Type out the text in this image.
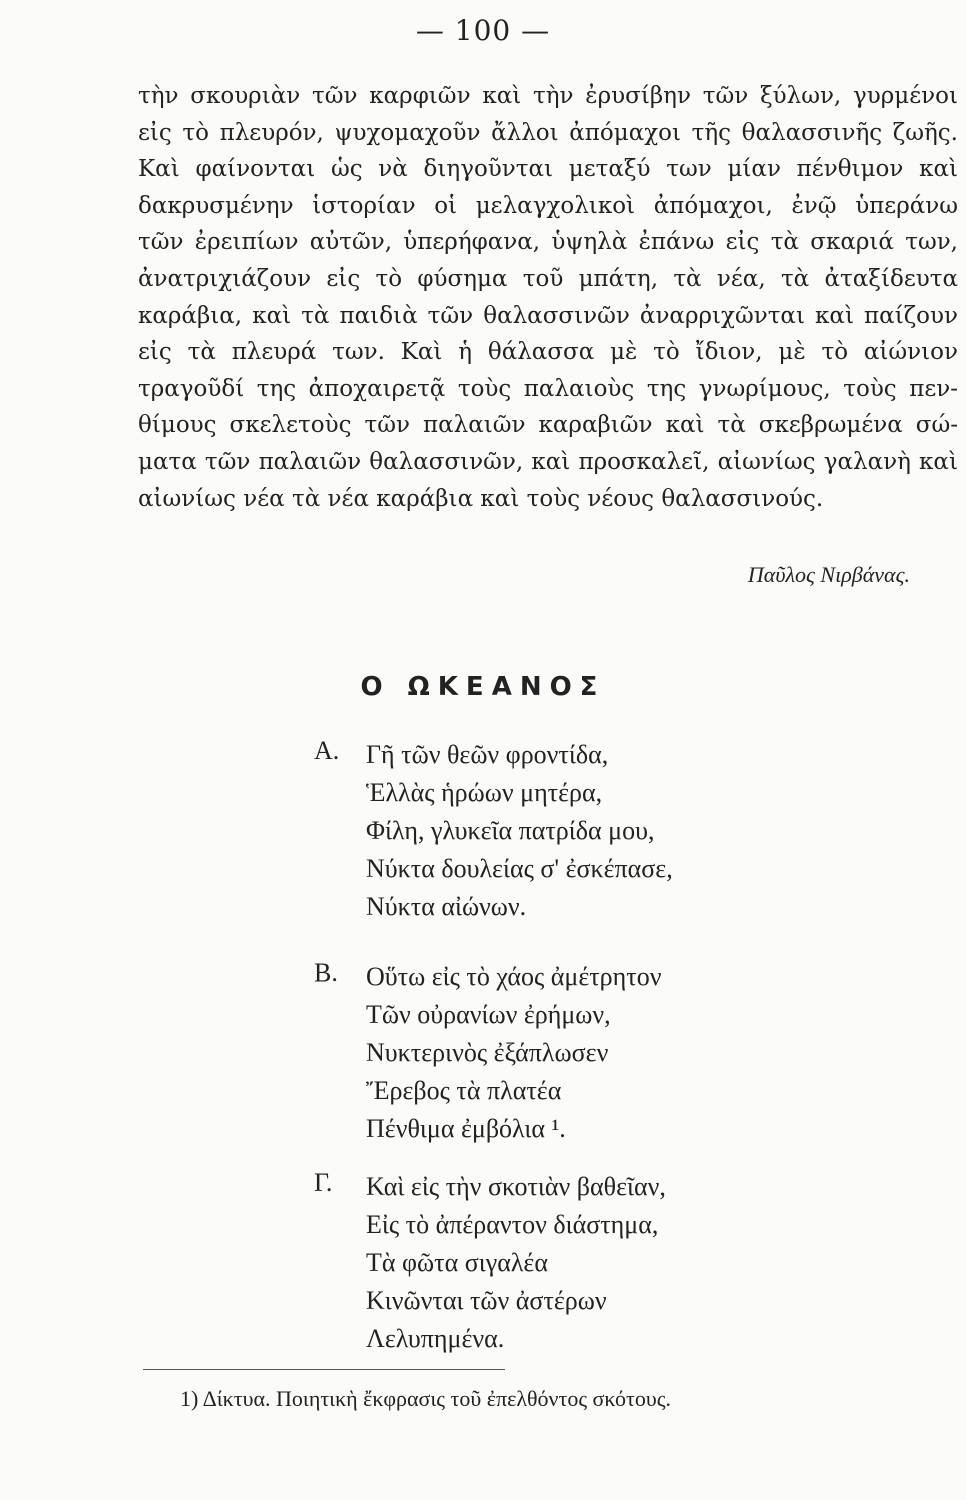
— 100 —
τὴν σκουριὰν τῶν καρφιῶν καὶ τὴν ἐρυσίβην τῶν ξύλων, γυρμένοι
εἰς τὸ πλευρόν, ψυχομαχοῦν ἄλλοι ἀπόμαχοι τῆς θαλασσινῆς ζωῆς.
Καὶ φαίνονται ὡς νὰ διηγοῦνται μεταξύ των μίαν πένθιμον καὶ
δακρυσμένην ἱστορίαν οἱ μελαγχολικοὶ ἀπόμαχοι, ἐνῷ ὑπεράνω
τῶν ἐρειπίων αὐτῶν, ὑπερήφανα, ὑψηλὰ ἐπάνω εἰς τὰ σκαριά των,
ἀνατριχιάζουν εἰς τὸ φύσημα τοῦ μπάτη, τὰ νέα, τὰ ἀταξίδευτα
καράβια, καὶ τὰ παιδιὰ τῶν θαλασσινῶν ἀναρριχῶνται καὶ παίζουν
εἰς τὰ πλευρά των. Καὶ ἡ θάλασσα μὲ τὸ ἴδιον, μὲ τὸ αἰώνιον
τραγοῦδί της ἀποχαιρετᾷ τοὺς παλαιοὺς της γνωρίμους, τοὺς πεν-
θίμους σκελετοὺς τῶν παλαιῶν καραβιῶν καὶ τὰ σκεβρωμένα σώ-
ματα τῶν παλαιῶν θαλασσινῶν, καὶ προσκαλεῖ, αἰωνίως γαλανὴ καὶ
αἰωνίως νέα τὰ νέα καράβια καὶ τοὺς νέους θαλασσινούς.
Παῦλος Νιρβάνας.
Ο ΩΚΕΑΝΟΣ
Α. Γῆ τῶν θεῶν φροντίδα,
Ἑλλὰς ἡρώων μητέρα,
Φίλη, γλυκεῖα πατρίδα μου,
Νύκτα δουλείας σ' ἐσκέπασε,
Νύκτα αἰώνων.
Β. Οὕτω εἰς τὸ χάος ἀμέτρητον
Τῶν οὐρανίων ἐρήμων,
Νυκτερινὸς ἐξάπλωσεν
Ἔρεβος τὰ πλατέα
Πένθιμα ἐμβόλια ¹.
Γ. Καὶ εἰς τὴν σκοτιὰν βαθεῖαν,
Εἰς τὸ ἀπέραντον διάστημα,
Τὰ φῶτα σιγαλέα
Κινῶνται τῶν ἀστέρων
Λελυπημένα.
1) Δίκτυα. Ποιητικὴ ἔκφρασις τοῦ ἐπελθόντος σκότους.
